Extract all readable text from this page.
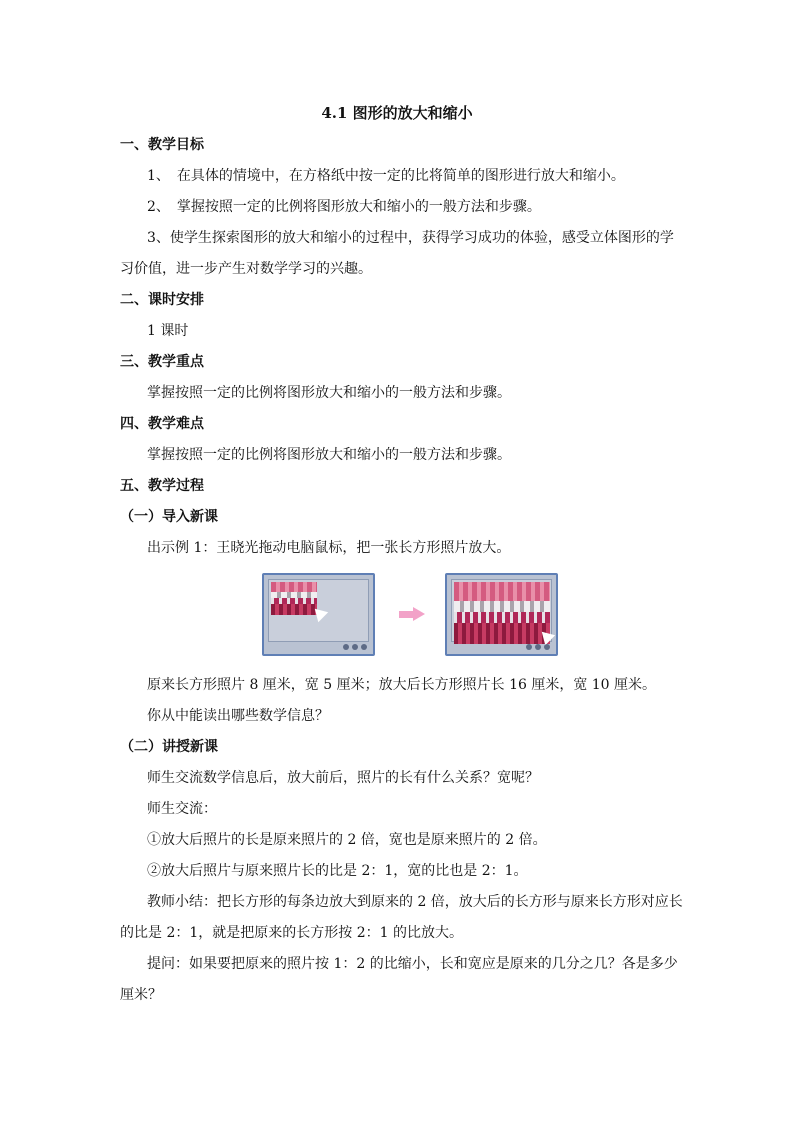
4.1 图形的放大和缩小
一、教学目标
1、　在具体的情境中，在方格纸中按一定的比将简单的图形进行放大和缩小。
2、　掌握按照一定的比例将图形放大和缩小的一般方法和步骤。
3、使学生探索图形的放大和缩小的过程中，获得学习成功的体验，感受立体图形的学习价值，进一步产生对数学学习的兴趣。
二、课时安排
1 课时
三、教学重点
掌握按照一定的比例将图形放大和缩小的一般方法和步骤。
四、教学难点
掌握按照一定的比例将图形放大和缩小的一般方法和步骤。
五、教学过程
（一）导入新课
出示例 1：王晓光拖动电脑鼠标，把一张长方形照片放大。
原来长方形照片 8 厘米，宽 5 厘米；放大后长方形照片长 16 厘米，宽 10 厘米。
你从中能读出哪些数学信息？
（二）讲授新课
师生交流数学信息后，放大前后，照片的长有什么关系？宽呢？
师生交流：
①放大后照片的长是原来照片的 2 倍，宽也是原来照片的 2 倍。
②放大后照片与原来照片长的比是 2：1，宽的比也是 2：1。
教师小结：把长方形的每条边放大到原来的 2 倍，放大后的长方形与原来长方形对应长的比是 2：1，就是把原来的长方形按 2：1 的比放大。
提问：如果要把原来的照片按 1：2 的比缩小，长和宽应是原来的几分之几？各是多少厘米？
